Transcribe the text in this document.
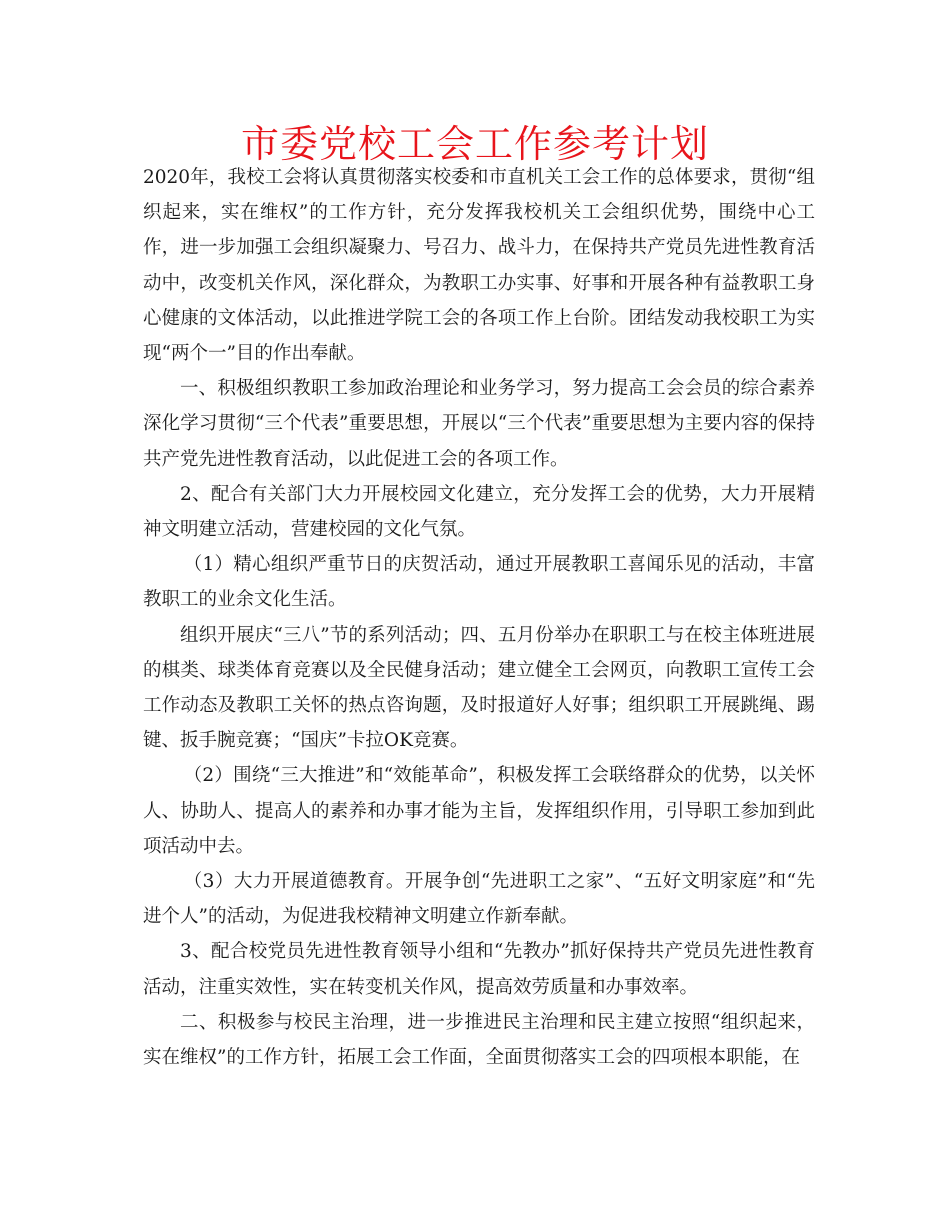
市委党校工会工作参考计划

2020年，我校工会将认真贯彻落实校委和市直机关工会工作的总体要求，贯彻“组织起来，实在维权”的工作方针，充分发挥我校机关工会组织优势，围绕中心工作，进一步加强工会组织凝聚力、号召力、战斗力，在保持共产党员先进性教育活动中，改变机关作风，深化群众，为教职工办实事、好事和开展各种有益教职工身心健康的文体活动，以此推进学院工会的各项工作上台阶。团结发动我校职工为实现“两个一”目的作出奉献。

一、积极组织教职工参加政治理论和业务学习，努力提高工会会员的综合素养深化学习贯彻“三个代表”重要思想，开展以“三个代表”重要思想为主要内容的保持共产党先进性教育活动，以此促进工会的各项工作。

2、配合有关部门大力开展校园文化建立，充分发挥工会的优势，大力开展精神文明建立活动，营建校园的文化气氛。

（1）精心组织严重节日的庆贺活动，通过开展教职工喜闻乐见的活动，丰富教职工的业余文化生活。

组织开展庆“三八”节的系列活动；四、五月份举办在职职工与在校主体班进展的棋类、球类体育竞赛以及全民健身活动；建立健全工会网页，向教职工宣传工会工作动态及教职工关怀的热点咨询题，及时报道好人好事；组织职工开展跳绳、踢键、扳手腕竞赛；“国庆”卡拉OK竞赛。

（2）围绕“三大推进”和“效能革命”，积极发挥工会联络群众的优势，以关怀人、协助人、提高人的素养和办事才能为主旨，发挥组织作用，引导职工参加到此项活动中去。

（3）大力开展道德教育。开展争创“先进职工之家”、“五好文明家庭”和“先进个人”的活动，为促进我校精神文明建立作新奉献。

3、配合校党员先进性教育领导小组和“先教办”抓好保持共产党员先进性教育活动，注重实效性，实在转变机关作风，提高效劳质量和办事效率。

二、积极参与校民主治理，进一步推进民主治理和民主建立按照“组织起来，实在维权”的工作方针，拓展工会工作面，全面贯彻落实工会的四项根本职能，在
